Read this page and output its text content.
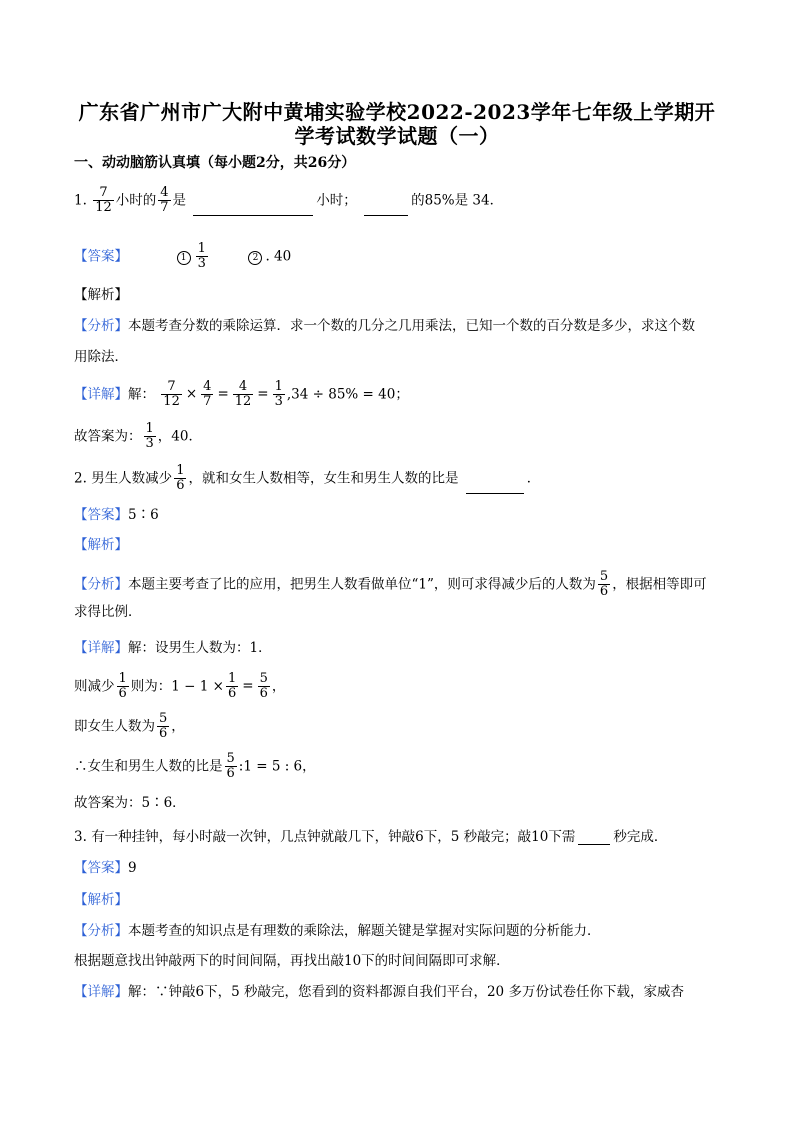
广东省广州市广大附中黄埔实验学校2022-2023学年七年级上学期开
学考试数学试题（一）
一、动动脑筋认真填（每小题2分，共26分）
1. $\frac{7}{12}$ 小时的 $\frac{4}{7}$ 是	小时；	的85%是 34．
【答案】	$1 \frac{1}{3}$	2 . 40
【解析】
【分析】本题考查分数的乘除运算．求一个数的几分之几用乘法，已知一个数的百分数是多少，求这个数
用除法．
【详解】解： $\frac{7}{12} \times \frac{4}{7} = \frac{4}{12} = \frac{1}{3} ,34 \div 85\% = 40$；
故答案为： $\frac{1}{3}$ ，40．
2. 男生人数减少 $\frac{1}{6}$ ，就和女生人数相等，女生和男生人数的比是	．
【答案】5∶6
【解析】
【分析】本题主要考查了比的应用，把男生人数看做单位“1”，则可求得减少后的人数为 $\frac{5}{6}$ ，根据相等即可
求得比例．
【详解】解：设男生人数为：1．
则减少 $\frac{1}{6}$ 则为：$1 - 1 \times \frac{1}{6} = \frac{5}{6}$ ，
即女生人数为 $\frac{5}{6}$ ，
∴女生和男生人数的比是 $\frac{5}{6}$ :1 = 5 : 6，
故答案为：5∶6．
3. 有一种挂钟，每小时敲一次钟，几点钟就敲几下，钟敲6下，5 秒敲完；敲10下需	秒完成．
【答案】9
【解析】
【分析】本题考查的知识点是有理数的乘除法，解题关键是掌握对实际问题的分析能力．
根据题意找出钟敲两下的时间间隔，再找出敲10下的时间间隔即可求解．
【详解】解：∵钟敲6下，5 秒敲完，您看到的资料都源自我们平台，20 多万份试卷任你下载，家威杏
